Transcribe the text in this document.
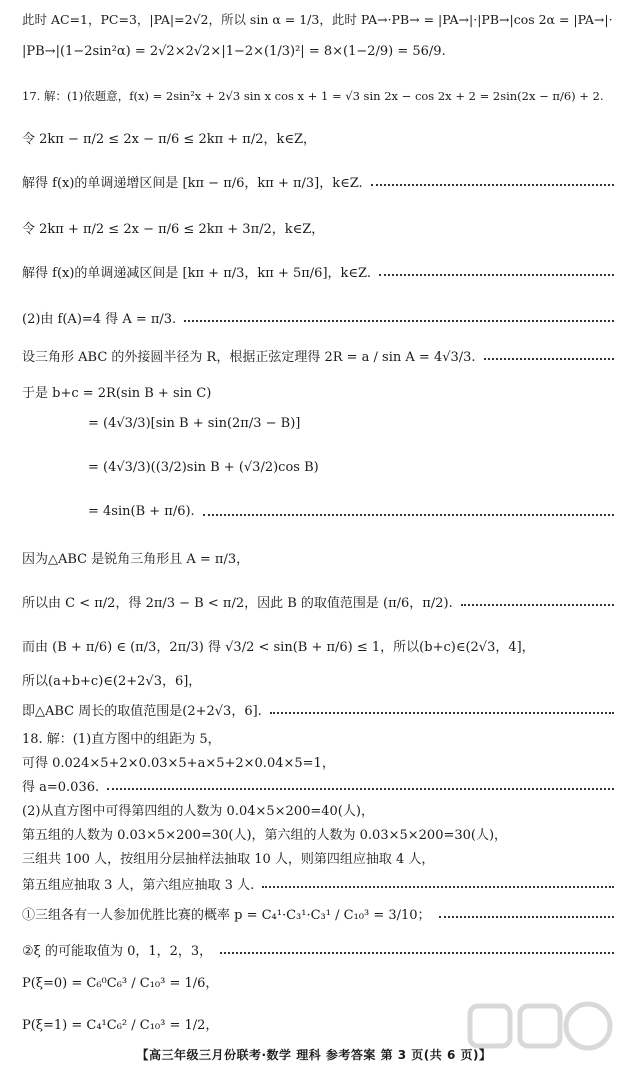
此时 AC=1，PC=3，|PA|=2√2，所以 sin α = 1/3，此时 PA→·PB→ = |PA→|·|PB→|cos 2α = |PA→|·
|PB→|(1−2sin²α) = 2√2×2√2×|1−2×(1/3)²| = 8×(1−2/9) = 56/9.
17. 解：(1)依题意，f(x) = 2sin²x + 2√3 sin x cos x + 1 = √3 sin 2x − cos 2x + 2 = 2sin(2x − π/6) + 2.
令 2kπ − π/2 ≤ 2x − π/6 ≤ 2kπ + π/2，k∈Z，
解得 f(x)的单调递增区间是 [kπ − π/6，kπ + π/3]，k∈Z.
令 2kπ + π/2 ≤ 2x − π/6 ≤ 2kπ + 3π/2，k∈Z，
解得 f(x)的单调递减区间是 [kπ + π/3，kπ + 5π/6]，k∈Z.
(2)由 f(A)=4 得 A = π/3.
设三角形 ABC 的外接圆半径为 R，根据正弦定理得 2R = a / sin A = 4√3/3.
于是 b+c = 2R(sin B + sin C)
= (4√3/3)[sin B + sin(2π/3 − B)]
= (4√3/3)((3/2)sin B + (√3/2)cos B)
= 4sin(B + π/6).
因为△ABC 是锐角三角形且 A = π/3，
所以由 C < π/2，得 2π/3 − B < π/2，因此 B 的取值范围是 (π/6，π/2).
而由 (B + π/6) ∈ (π/3，2π/3) 得 √3/2 < sin(B + π/6) ≤ 1，所以(b+c)∈(2√3，4]，
所以(a+b+c)∈(2+2√3，6]，
即△ABC 周长的取值范围是(2+2√3，6].
18. 解：(1)直方图中的组距为 5，
可得 0.024×5+2×0.03×5+a×5+2×0.04×5=1，
得 a=0.036.
(2)从直方图中可得第四组的人数为 0.04×5×200=40(人)，
第五组的人数为 0.03×5×200=30(人)，第六组的人数为 0.03×5×200=30(人)，
三组共 100 人，按组用分层抽样法抽取 10 人，则第四组应抽取 4 人，
第五组应抽取 3 人，第六组应抽取 3 人.
①三组各有一人参加优胜比赛的概率 p = C₄¹·C₃¹·C₃¹ / C₁₀³ = 3/10；
②ξ 的可能取值为 0，1，2，3，
P(ξ=0) = C₆⁰C₆³ / C₁₀³ = 1/6，
P(ξ=1) = C₄¹C₆² / C₁₀³ = 1/2，
【高三年级三月份联考·数学 理科 参考答案 第 3 页(共 6 页)】
